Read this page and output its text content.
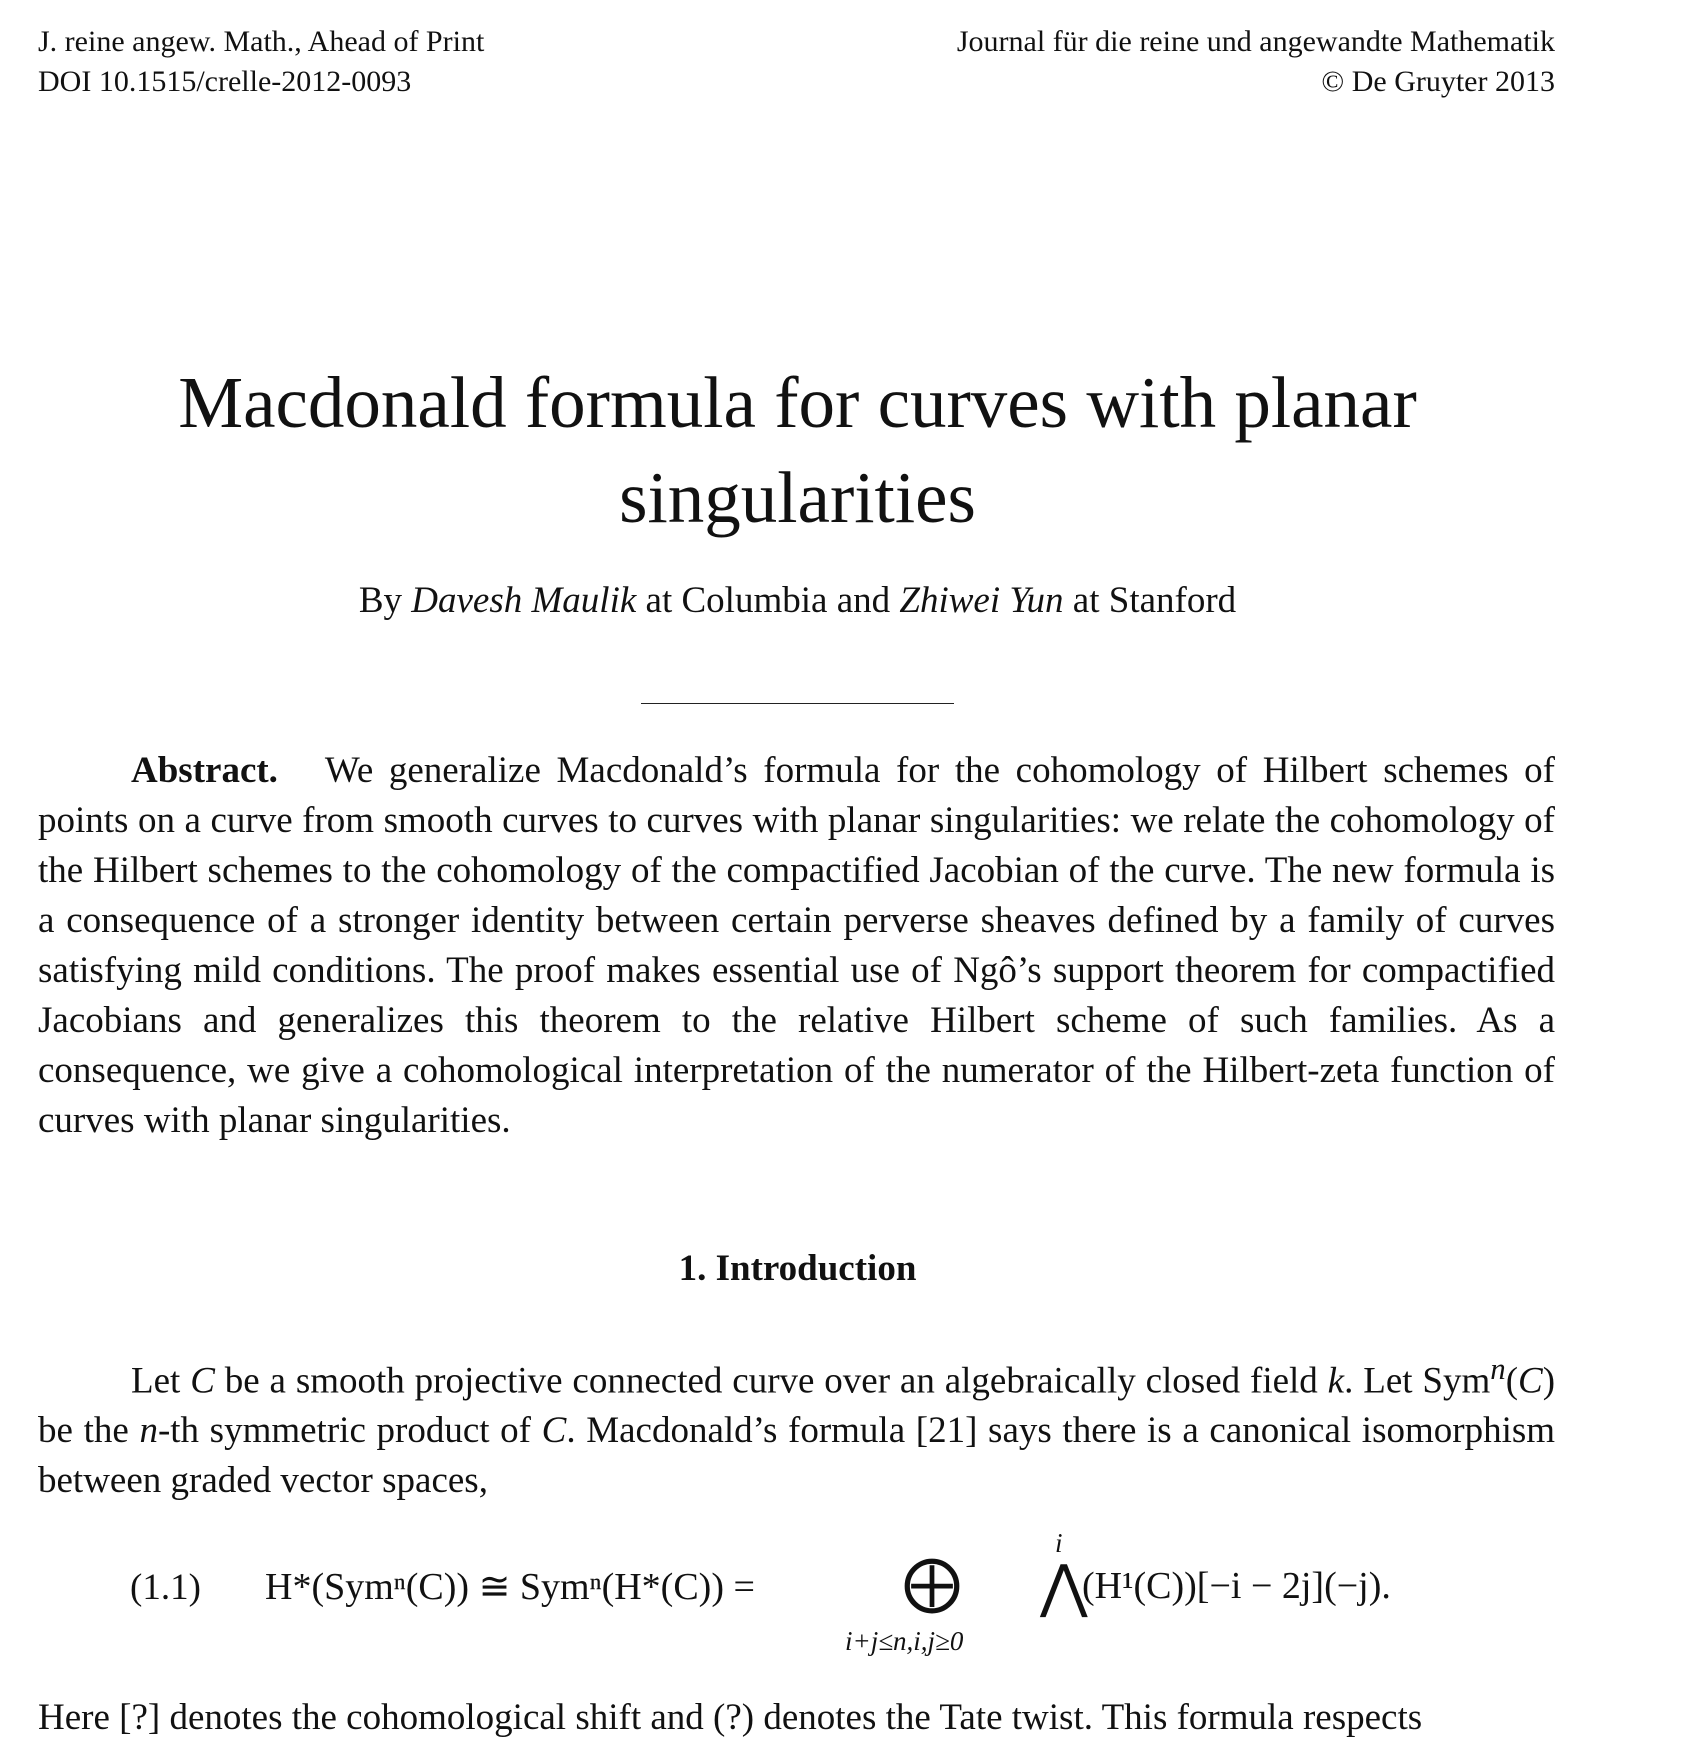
J. reine angew. Math., Ahead of Print
DOI 10.1515/crelle-2012-0093
Journal für die reine und angewandte Mathematik
© De Gruyter 2013
Macdonald formula for curves with planar
singularities
By Davesh Maulik at Columbia and Zhiwei Yun at Stanford
Abstract. We generalize Macdonald’s formula for the cohomology of Hilbert schemes of points on a curve from smooth curves to curves with planar singularities: we relate the cohomology of the Hilbert schemes to the cohomology of the compactified Jacobian of the curve. The new formula is a consequence of a stronger identity between certain perverse sheaves defined by a family of curves satisfying mild conditions. The proof makes essential use of Ngô’s support theorem for compactified Jacobians and generalizes this theorem to the relative Hilbert scheme of such families. As a consequence, we give a cohomological interpretation of the numerator of the Hilbert-zeta function of curves with planar singularities.
1. Introduction
Let C be a smooth projective connected curve over an algebraically closed field k. Let Sym$^n$(C) be the n-th symmetric product of C. Macdonald’s formula [21] says there is a canonical isomorphism between graded vector spaces,
(1.1) H*(Symⁿ(C)) ≅ Symⁿ(H*(C)) =	⨁
i+j≤n,i,j≥0
i
⋀
(H¹(C))[−i − 2j](−j).
Here [?] denotes the cohomological shift and (?) denotes the Tate twist. This formula respects
